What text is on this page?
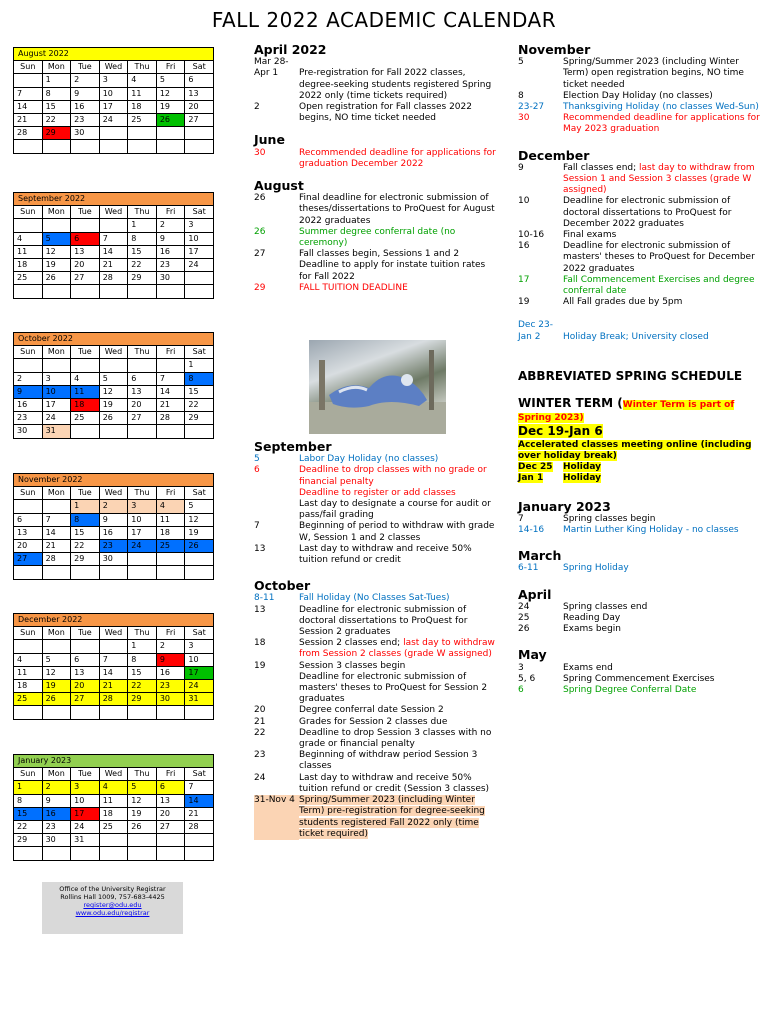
FALL 2022 ACADEMIC CALENDAR
August 2022						
Sun	Mon	Tue	Wed	Thu	Fri	Sat
	1	2	3	4	5	6
7	8	9	10	11	12	13
14	15	16	17	18	19	20
21	22	23	24	25	26	27
28	29	30				

September 2022						
Sun	Mon	Tue	Wed	Thu	Fri	Sat
				1	2	3
4	5	6	7	8	9	10
11	12	13	14	15	16	17
18	19	20	21	22	23	24
25	26	27	28	29	30	

October 2022						
Sun	Mon	Tue	Wed	Thu	Fri	Sat
						1
2	3	4	5	6	7	8
9	10	11	12	13	14	15
16	17	18	19	20	21	22
23	24	25	26	27	28	29
30	31					
November 2022						
Sun	Mon	Tue	Wed	Thu	Fri	Sat
		1	2	3	4	5
6	7	8	9	10	11	12
13	14	15	16	17	18	19
20	21	22	23	24	25	26
27	28	29	30			

December 2022						
Sun	Mon	Tue	Wed	Thu	Fri	Sat
				1	2	3
4	5	6	7	8	9	10
11	12	13	14	15	16	17
18	19	20	21	22	23	24
25	26	27	28	29	30	31

January 2023						
Sun	Mon	Tue	Wed	Thu	Fri	Sat
1	2	3	4	5	6	7
8	9	10	11	12	13	14
15	16	17	18	19	20	21
22	23	24	25	26	27	28
29	30	31				

Office of the University Registrar
Rollins Hall 1009, 757-683-4425
register@odu.edu
www.odu.edu/registrar
April 2022
Mar 28-
Apr 1	Pre-registration for Fall 2022 classes, degree-seeking students registered Spring 2022 only (time tickets required)
2	Open registration for Fall classes 2022 begins, NO time ticket needed
June
30	Recommended deadline for applications for graduation December 2022
August
26	Final deadline for electronic submission of theses/dissertations to ProQuest for August 2022 graduates
26	Summer degree conferral date (no ceremony)
27	Fall classes begin, Sessions 1 and 2
Deadline to apply for instate tuition rates for Fall 2022
29	FALL TUITION DEADLINE
September
5	Labor Day Holiday (no classes)
6	Deadline to drop classes with no grade or financial penalty
Deadline to register or add classes
Last day to designate a course for audit or pass/fail grading
7	Beginning of period to withdraw with grade W, Session 1 and 2 classes
13	Last day to withdraw and receive 50% tuition refund or credit
October
8-11	Fall Holiday (No Classes Sat-Tues)
13	Deadline for electronic submission of doctoral dissertations to ProQuest for Session 2 graduates
18	Session 2 classes end; last day to withdraw from Session 2 classes (grade W assigned)
19	Session 3 classes begin
Deadline for electronic submission of masters' theses to ProQuest for Session 2 graduates
20	Degree conferral date Session 2
21	Grades for Session 2 classes due
22	Deadline to drop Session 3 classes with no grade or financial penalty
23	Beginning of withdraw period Session 3 classes
24	Last day to withdraw and receive 50% tuition refund or credit (Session 3 classes)
31-Nov 4 Spring/Summer 2023 (including Winter Term) pre-registration for degree-seeking students registered Fall 2022 only (time ticket required)
November
5	Spring/Summer 2023 (including Winter Term) open registration begins, NO time ticket needed
8	Election Day Holiday (no classes)
23-27	Thanksgiving Holiday (no classes Wed-Sun)
30	Recommended deadline for applications for May 2023 graduation
December
9	Fall classes end; last day to withdraw from Session 1 and Session 3 classes (grade W assigned)
10	Deadline for electronic submission of doctoral dissertations to ProQuest for December 2022 graduates
10-16	Final exams
16	Deadline for electronic submission of masters' theses to ProQuest for December 2022 graduates
17	Fall Commencement Exercises and degree conferral date
19	All Fall grades due by 5pm
Dec 23-
Jan 2	Holiday Break; University closed
ABBREVIATED SPRING SCHEDULE
WINTER TERM (Winter Term is part of Spring 2023)
Dec 19-Jan 6
Accelerated classes meeting online (including over holiday break)
Dec 25	Holiday
Jan 1	Holiday
January 2023
7	Spring classes begin
14-16	Martin Luther King Holiday - no classes
March
6-11	Spring Holiday
April
24	Spring classes end
25	Reading Day
26	Exams begin
May
3	Exams end
5, 6	Spring Commencement Exercises
6	Spring Degree Conferral Date
